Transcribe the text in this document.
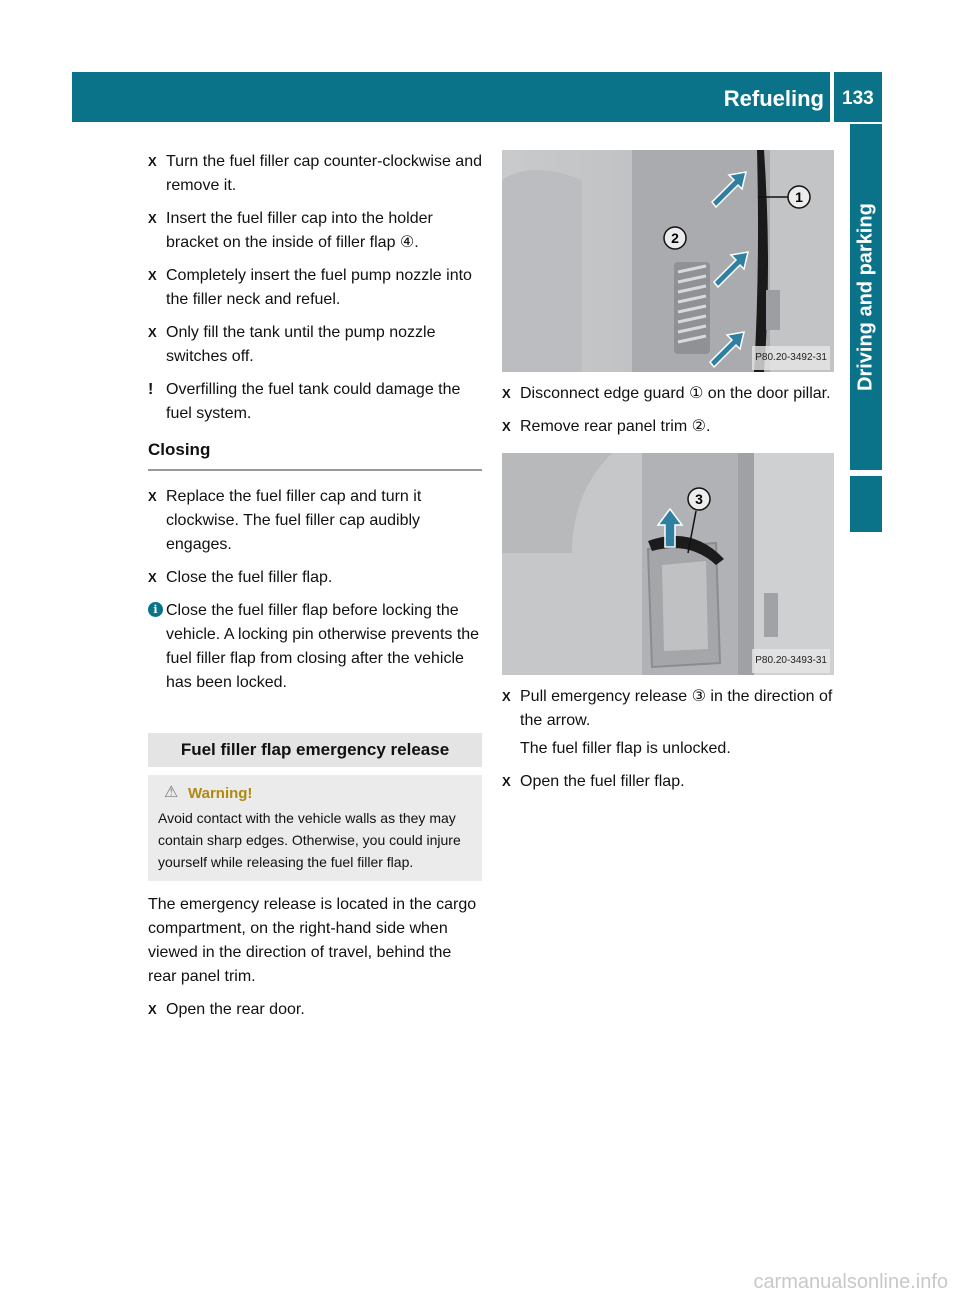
Refueling 133
Driving and parking
X Turn the fuel filler cap counter-clockwise and remove it.
X Insert the fuel filler cap into the holder bracket on the inside of filler flap ④.
X Completely insert the fuel pump nozzle into the filler neck and refuel.
X Only fill the tank until the pump nozzle switches off.
! Overfilling the fuel tank could damage the fuel system.
Closing
X Replace the fuel filler cap and turn it clockwise. The fuel filler cap audibly engages.
X Close the fuel filler flap.
i Close the fuel filler flap before locking the vehicle. A locking pin otherwise prevents the fuel filler flap from closing after the vehicle has been locked.
Fuel filler flap emergency release
⚠ Warning!
Avoid contact with the vehicle walls as they may contain sharp edges. Otherwise, you could injure yourself while releasing the fuel filler flap.
The emergency release is located in the cargo compartment, on the right-hand side when viewed in the direction of travel, behind the rear panel trim.
X Open the rear door.
1
2
P80.20-3492-31
X Disconnect edge guard ① on the door pillar.
X Remove rear panel trim ②.
3
P80.20-3493-31
X Pull emergency release ③ in the direction of the arrow.
The fuel filler flap is unlocked.
X Open the fuel filler flap.
carmanualsonline.info
